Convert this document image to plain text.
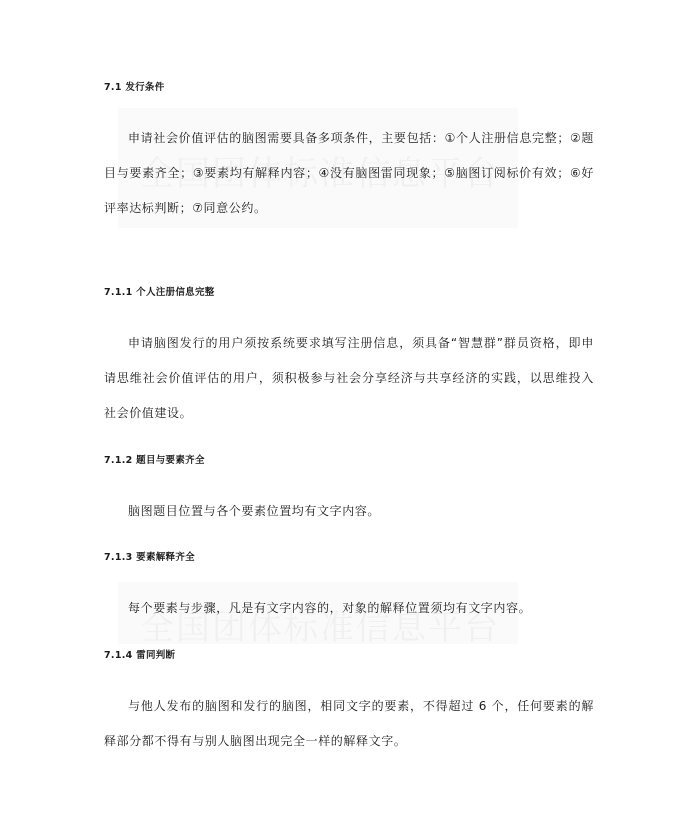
7.1 发行条件
申请社会价值评估的脑图需要具备多项条件，主要包括：①个人注册信息完整；②题目与要素齐全；③要素均有解释内容；④没有脑图雷同现象；⑤脑图订阅标价有效；⑥好评率达标判断；⑦同意公约。
7.1.1 个人注册信息完整
申请脑图发行的用户须按系统要求填写注册信息，须具备“智慧群”群员资格，即申请思维社会价值评估的用户，须积极参与社会分享经济与共享经济的实践，以思维投入社会价值建设。
7.1.2 题目与要素齐全
脑图题目位置与各个要素位置均有文字内容。
7.1.3 要素解释齐全
每个要素与步骤，凡是有文字内容的，对象的解释位置须均有文字内容。
7.1.4 雷同判断
与他人发布的脑图和发行的脑图，相同文字的要素，不得超过 6 个，任何要素的解释部分都不得有与别人脑图出现完全一样的解释文字。
